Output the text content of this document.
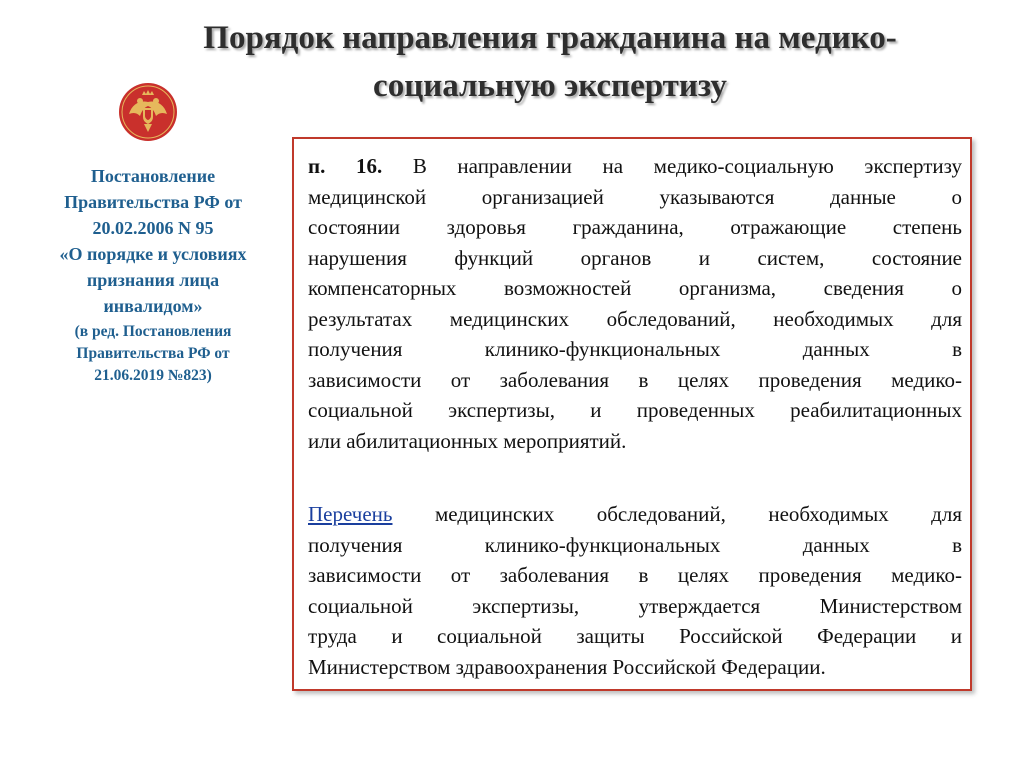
Порядок направления гражданина на медико-
социальную экспертизу
Постановление
Правительства РФ от
20.02.2006 N 95
«О порядке и условиях
признания лица
инвалидом»
(в ред. Постановления
Правительства РФ от
21.06.2019 №823)
п. 16. В направлении на медико-социальную экспертизу
медицинской организацией указываются данные о
состоянии здоровья гражданина, отражающие степень
нарушения функций органов и систем, состояние
компенсаторных возможностей организма, сведения о
результатах медицинских обследований, необходимых для
получения клинико-функциональных данных в
зависимости от заболевания в целях проведения медико-
социальной экспертизы, и проведенных реабилитационных
или абилитационных мероприятий.
Перечень медицинских обследований, необходимых для
получения клинико-функциональных данных в
зависимости от заболевания в целях проведения медико-
социальной экспертизы, утверждается Министерством
труда и социальной защиты Российской Федерации и
Министерством здравоохранения Российской Федерации.
